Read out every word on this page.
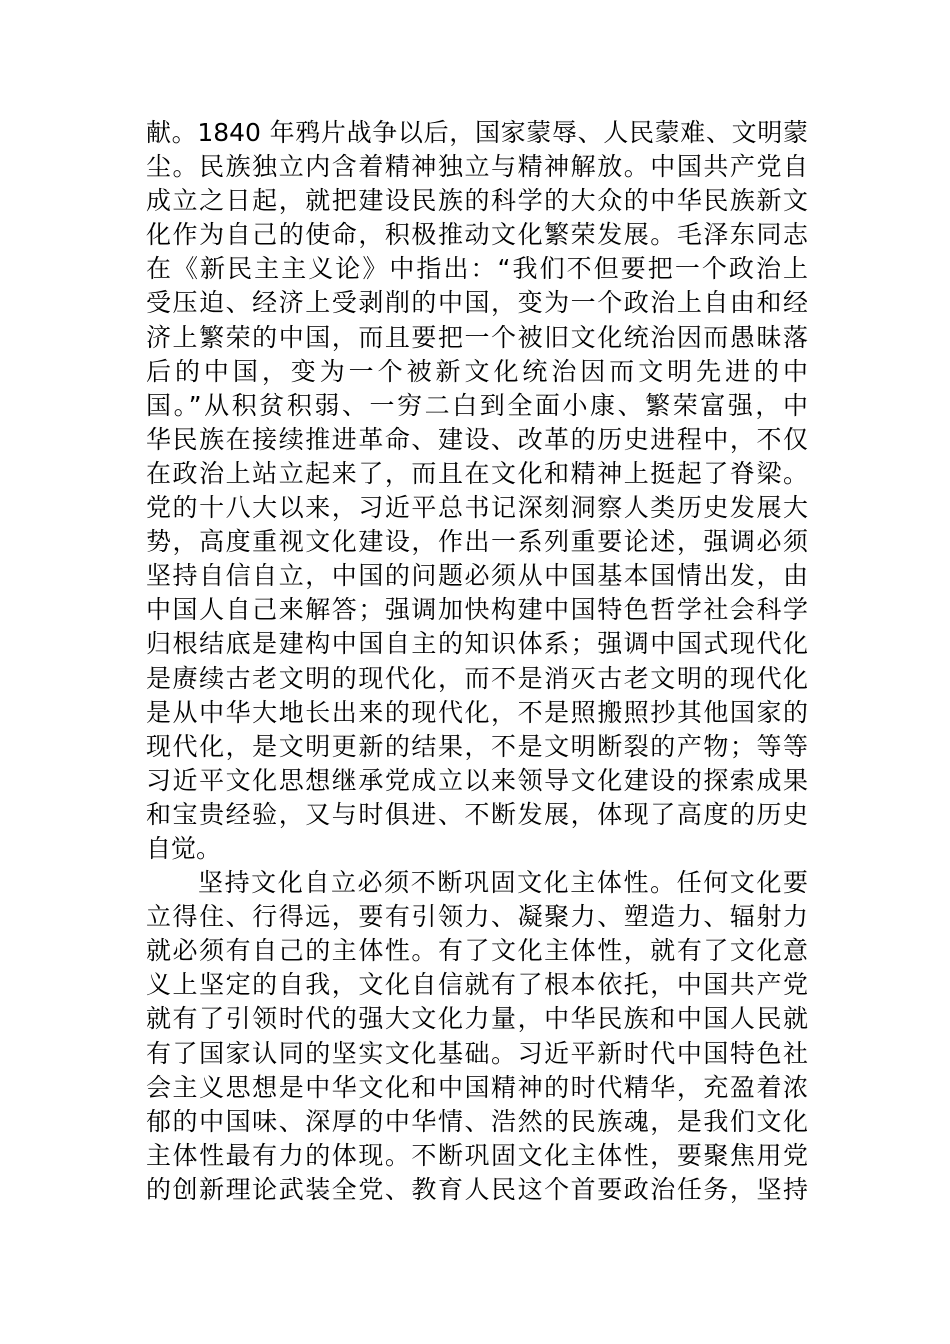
献。1840 年鸦片战争以后，国家蒙辱、人民蒙难、文明蒙
尘。民族独立内含着精神独立与精神解放。中国共产党自
成立之日起，就把建设民族的科学的大众的中华民族新文
化作为自己的使命，积极推动文化繁荣发展。毛泽东同志
在《新民主主义论》中指出：“我们不但要把一个政治上
受压迫、经济上受剥削的中国，变为一个政治上自由和经
济上繁荣的中国，而且要把一个被旧文化统治因而愚昧落
后的中国，变为一个被新文化统治因而文明先进的中
国。”从积贫积弱、一穷二白到全面小康、繁荣富强，中
华民族在接续推进革命、建设、改革的历史进程中，不仅
在政治上站立起来了，而且在文化和精神上挺起了脊梁。
党的十八大以来，习近平总书记深刻洞察人类历史发展大
势，高度重视文化建设，作出一系列重要论述，强调必须
坚持自信自立，中国的问题必须从中国基本国情出发，由
中国人自己来解答；强调加快构建中国特色哲学社会科学
归根结底是建构中国自主的知识体系；强调中国式现代化
是赓续古老文明的现代化，而不是消灭古老文明的现代化
是从中华大地长出来的现代化，不是照搬照抄其他国家的
现代化，是文明更新的结果，不是文明断裂的产物；等等
习近平文化思想继承党成立以来领导文化建设的探索成果
和宝贵经验，又与时俱进、不断发展，体现了高度的历史
自觉。
坚持文化自立必须不断巩固文化主体性。任何文化要
立得住、行得远，要有引领力、凝聚力、塑造力、辐射力
就必须有自己的主体性。有了文化主体性，就有了文化意
义上坚定的自我，文化自信就有了根本依托，中国共产党
就有了引领时代的强大文化力量，中华民族和中国人民就
有了国家认同的坚实文化基础。习近平新时代中国特色社
会主义思想是中华文化和中国精神的时代精华，充盈着浓
郁的中国味、深厚的中华情、浩然的民族魂，是我们文化
主体性最有力的体现。不断巩固文化主体性，要聚焦用党
的创新理论武装全党、教育人民这个首要政治任务，坚持
